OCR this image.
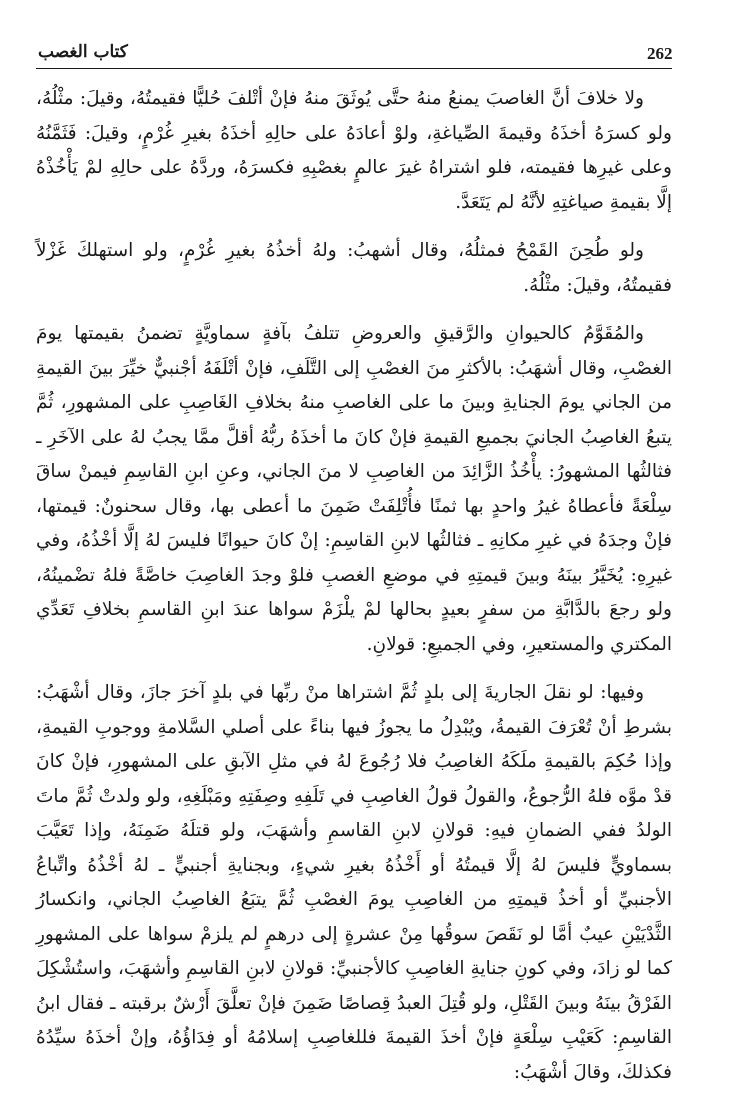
262
كتاب الغصب

ولا خلافَ أنَّ الغاصبَ يمنعُ منهُ حتَّى يُوثَقَ منهُ فإنْ أتْلفَ حُليًّا فقيمتُهُ، وقيلَ: مثْلُهُ، ولو كسرَهُ أخذَهُ وقيمةَ الصِّياغةِ، ولوْ أعادَهُ على حالِهِ أخذَهُ بغيرِ غُرْمٍ، وقيلَ: فَثَمَّنُهُ وعلى غيرِها فقيمته، فلو اشتراهُ غيرَ عالمٍ بغصْبِهِ فكسرَهُ، وردَّهُ على حالِهِ لمْ يَأْخُذْهُ إلَّا بقيمةِ صياغتِهِ لأنَّهُ لم يَتَعَدَّ.

ولو طُحِنَ القَمْحُ فمثلُهُ، وقال أشهبُ: ولهُ أخذُهُ بغيرِ غُرْمٍ، ولو استهلكَ غَزْلاً فقيمتُهُ، وقيلَ: مثْلُهُ.

والمُقَوَّمُ كالحيوانِ والرَّقيقِ والعروضِ تتلفُ بآفةٍ سماويَّةٍ تضمنُ بقيمتها يومَ الغصْبِ، وقال أشهَبُ: بالأكثرِ منَ الغصْبِ إلى التَّلَفِ، فإنْ أتْلَفَهُ أجْنبيٌّ خيِّرَ بينَ القيمةِ من الجاني يومَ الجنايةِ وبينَ ما على الغاصبِ منهُ بخلافِ الغَاصِبِ على المشهورِ، ثُمَّ يتبعُ الغاصِبُ الجانيَ بجميعِ القيمةِ فإنْ كانَ ما أخذَهُ ربُّهُ أقلَّ ممَّا يجبُ لهُ على الآخَرِ ـ فثالثُها المشهورُ: يأْخُذُ الزَّائِدَ من الغاصِبِ لا منَ الجاني، وعنِ ابنِ القاسِمِ فيمنْ ساقَ سِلْعَةً فأعطاهُ غيرُ واحدٍ بها ثمنًا فأُتْلِفَتْ ضَمِنَ ما أعطى بها، وقال سحنونٌ: قيمتها، فإنْ وجدَهُ في غيرِ مكانِهِ ـ فثالثُها لابنِ القاسِمِ: إنْ كانَ حيوانًا فليسَ لهُ إلَّا أخْذُهُ، وفي غيرِهِ: يُخَيَّرُ بينَهُ وبينَ قيمتِهِ في موضعِ الغصبِ فلوْ وجدَ الغاصِبَ خاصَّةً فلهُ تضْمينُهُ، ولو رجعَ بالدَّابَّةِ من سفرٍ بعيدٍ بحالها لمْ يلْزَمْ سواها عندَ ابنِ القاسمِ بخلافِ تَعَدِّي المكتري والمستعيرِ، وفي الجميعِ: قولانِ.

وفيها: لو نقلَ الجاريةَ إلى بلدٍ ثُمَّ اشتراها منْ ربِّها في بلدٍ آخرَ جازَ، وقال أشْهَبُ: بشرطِ أنْ تُعْرَفَ القيمةُ، ويُبْدِلُ ما يجوزُ فيها بناءً على أصلي السَّلامةِ ووجوبِ القيمةِ، وإذا حُكِمَ بالقيمةِ ملَكَهُ الغاصِبُ فلا رُجُوعَ لهُ في مثلِ الآبقِ على المشهورِ، فإنْ كانَ قدْ موَّه فلهُ الرُّجوعُ، والقولُ قولُ الغاصِبِ في تَلَفِهِ وصِفَتِهِ ومَبْلَغِهِ، ولو ولدتْ ثُمَّ ماتَ الولدُ ففي الضمانِ فيهِ: قولانِ لابنِ القاسمِ وأشهَبَ، ولو قتلَهُ ضَمِنَهُ، وإذا تَعَيَّبَ بسماويٍّ فليسَ لهُ إلَّا قيمتُهُ أو أَخْذُهُ بغيرِ شيءٍ، وبجنايةِ أجنبيٍّ ـ لهُ أخْذُهُ واتِّباعُ الأجنبيِّ أو أخذُ قيمتِهِ من الغاصِبِ يومَ الغصْبِ ثُمَّ يتبَعُ الغاصِبُ الجاني، وانكسارُ الثَّدْيَيْنِ عيبٌ أمَّا لو نَقَصَ سوقُها مِنْ عشرةٍ إلى درهمٍ لم يلزمْ سواها على المشهورِ كما لو زادَ، وفي كونِ جنايةِ الغاصِبِ كالأجنبيِّ: قولانِ لابنِ القاسِمِ وأشهَبَ، واستُشْكِلَ الفَرْقُ بينَهُ وبينَ القَتْلِ، ولو قُتِلَ العبدُ قِصاصًا ضَمِنَ فإنْ تعلَّقَ أَرْشٌ برقبته ـ فقال ابنُ القاسِمِ: كَعَيْبِ سِلْعَةٍ فإنْ أخذَ القيمةَ فللغاصِبِ إسلامُهُ أو فِدَاؤُهُ، وإنْ أخذَهُ سيِّدُهُ فكذلكَ، وقالَ أشْهَبُ:
